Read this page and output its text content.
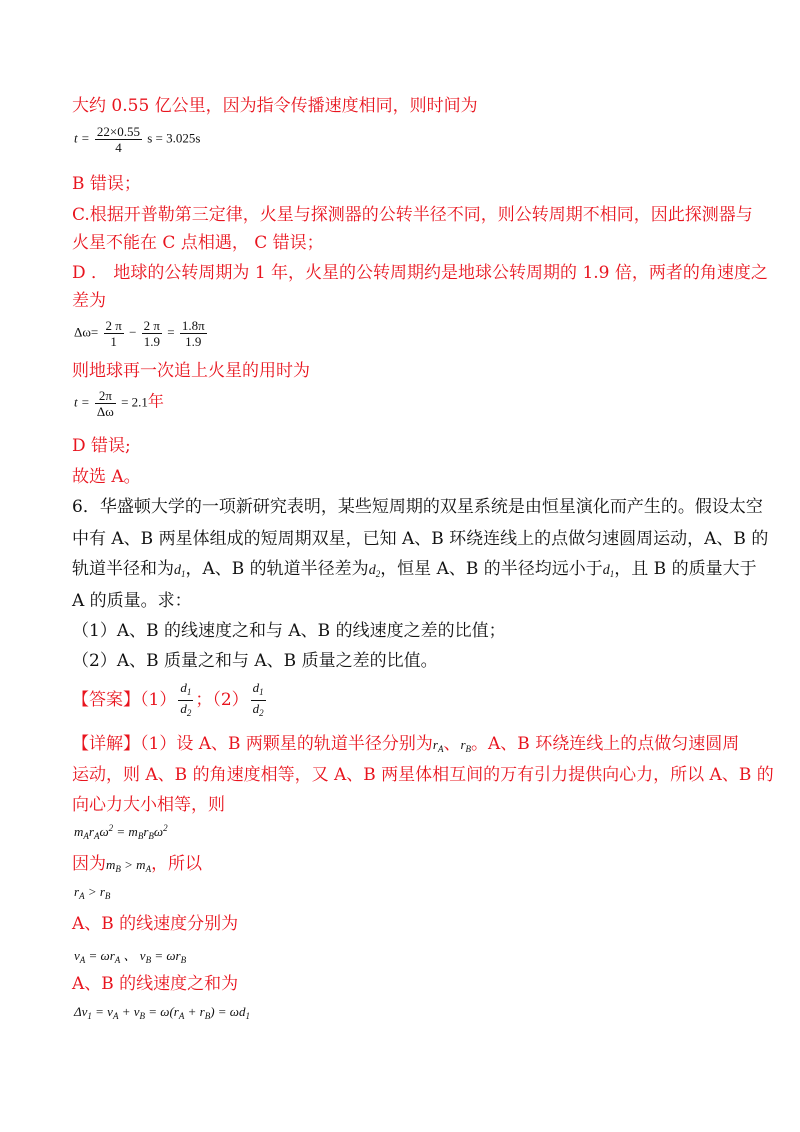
大约 0.55 亿公里，因为指令传播速度相同，则时间为
$t = \frac{22\times 0.55}{4}$ s = 3.025s
B 错误；
C.根据开普勒第三定律，火星与探测器的公转半径不同，则公转周期不相同，因此探测器与
火星不能在 C 点相遇， C 错误；
D ． 地球的公转周期为 1 年，火星的公转周期约是地球公转周期的 1.9 倍，两者的角速度之
差为
$\Delta\omega= \frac{2 \pi}{1} - \frac{2 \pi}{1.9} = \frac{1.8\pi}{1.9}$
则地球再一次追上火星的用时为
$t = \frac{2\pi}{\Delta\omega} = 2.1$年
D 错误;
故选 A。
6．华盛顿大学的一项新研究表明，某些短周期的双星系统是由恒星演化而产生的。假设太空
中有 A、B 两星体组成的短周期双星，已知 A、B 环绕连线上的点做匀速圆周运动，A、B 的
轨道半径和为$d_1$，A、B 的轨道半径差为$d_2$，恒星 A、B 的半径均远小于$d_1$，且 B 的质量大于
A 的质量。求：
（1）A、B 的线速度之和与 A、B 的线速度之差的比值；
（2）A、B 质量之和与 A、B 质量之差的比值。
【答案】$(1) \frac{d_1}{d_2}$ ；$(2) \frac{d_1}{d_2}$
【详解】（1）设 A、B 两颗星的轨道半径分别为$r_A$、$r_B$。A、B 环绕连线上的点做匀速圆周
运动，则 A、B 的角速度相等，又 A、B 两星体相互间的万有引力提供向心力，所以 A、B 的
向心力大小相等，则
$m_Ar_A\omega^2 = m_Br_B\omega^2$
因为$m_B > m_A$，所以
$r_A > r_B$
A、B 的线速度分别为
$v_A = \omega r_A$ 、 $v_B = \omega r_B$
A、B 的线速度之和为
$\Delta v_1 = v_A + v_B = \omega(r_A + r_B) = \omega d_1$
